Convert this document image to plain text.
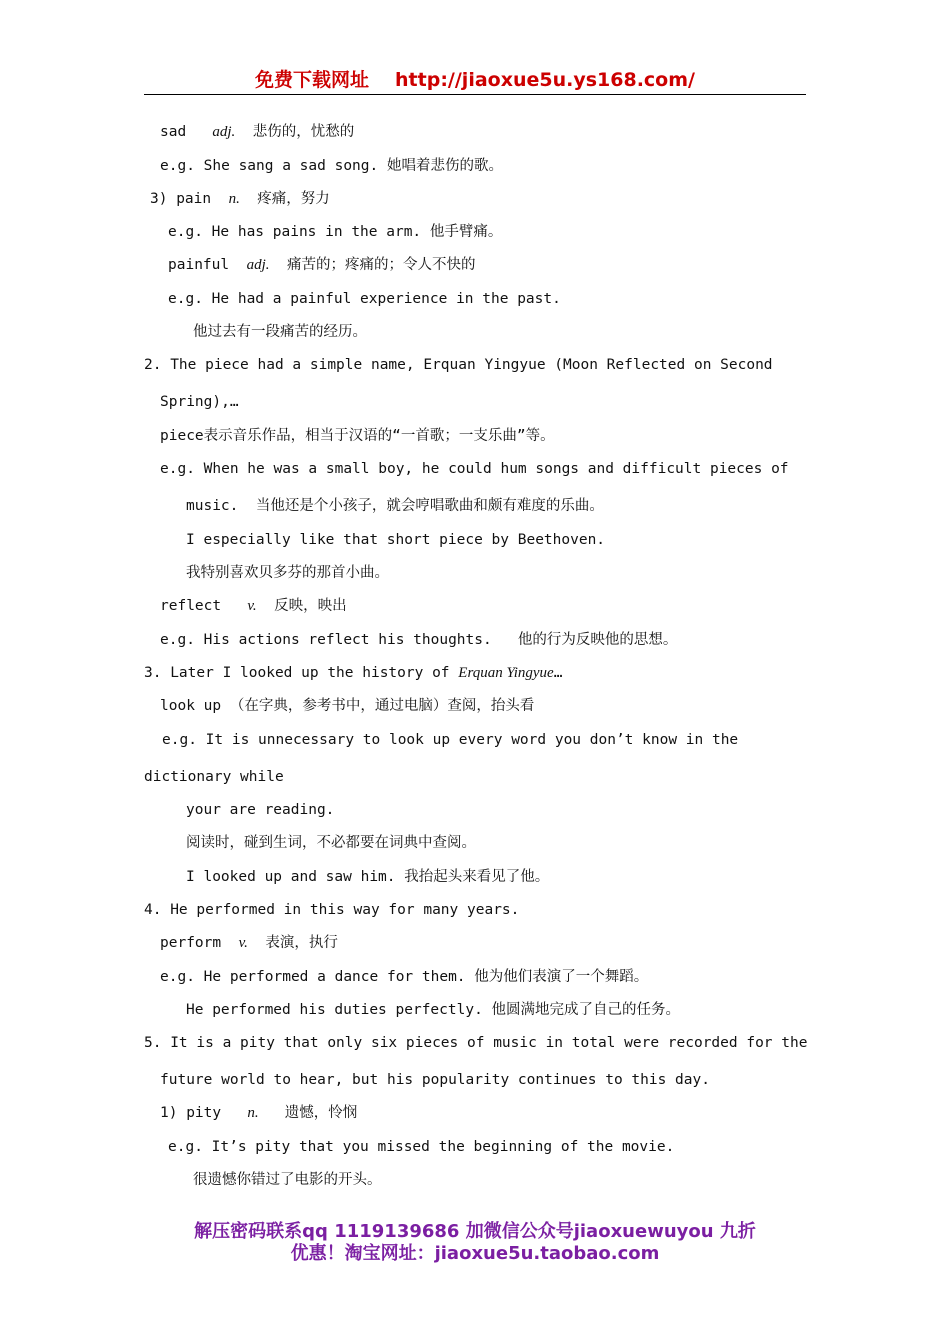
免费下载网址 http://jiaoxue5u.ys168.com/
sad   adj.  悲伤的，忧愁的
e.g. She sang a sad song. 她唱着悲伤的歌。
3) pain  n.  疼痛，努力
e.g. He has pains in the arm. 他手臂痛。
painful  adj.  痛苦的；疼痛的；令人不快的
e.g. He had a painful experience in the past.
他过去有一段痛苦的经历。
2. The piece had a simple name, Erquan Yingyue (Moon Reflected on Second
Spring),…
piece表示音乐作品，相当于汉语的“一首歌；一支乐曲”等。
e.g. When he was a small boy, he could hum songs and difficult pieces of
music.  当他还是个小孩子，就会哼唱歌曲和颇有难度的乐曲。
I especially like that short piece by Beethoven.
我特别喜欢贝多芬的那首小曲。
reflect   v.  反映，映出
e.g. His actions reflect his thoughts.   他的行为反映他的思想。
3. Later I looked up the history of Erquan Yingyue…
look up （在字典，参考书中，通过电脑）查阅，抬头看
e.g. It is unnecessary to look up every word you don’t know in the
dictionary while
your are reading.
阅读时，碰到生词，不必都要在词典中查阅。
I looked up and saw him. 我抬起头来看见了他。
4. He performed in this way for many years.
perform  v.  表演，执行
e.g. He performed a dance for them. 他为他们表演了一个舞蹈。
He performed his duties perfectly. 他圆满地完成了自己的任务。
5. It is a pity that only six pieces of music in total were recorded for the
future world to hear, but his popularity continues to this day.
1) pity   n.   遗憾，怜悯
e.g. It’s pity that you missed the beginning of the movie.
很遗憾你错过了电影的开头。
解压密码联系qq 1119139686 加微信公众号jiaoxuewuyou 九折
优惠！淘宝网址：jiaoxue5u.taobao.com
